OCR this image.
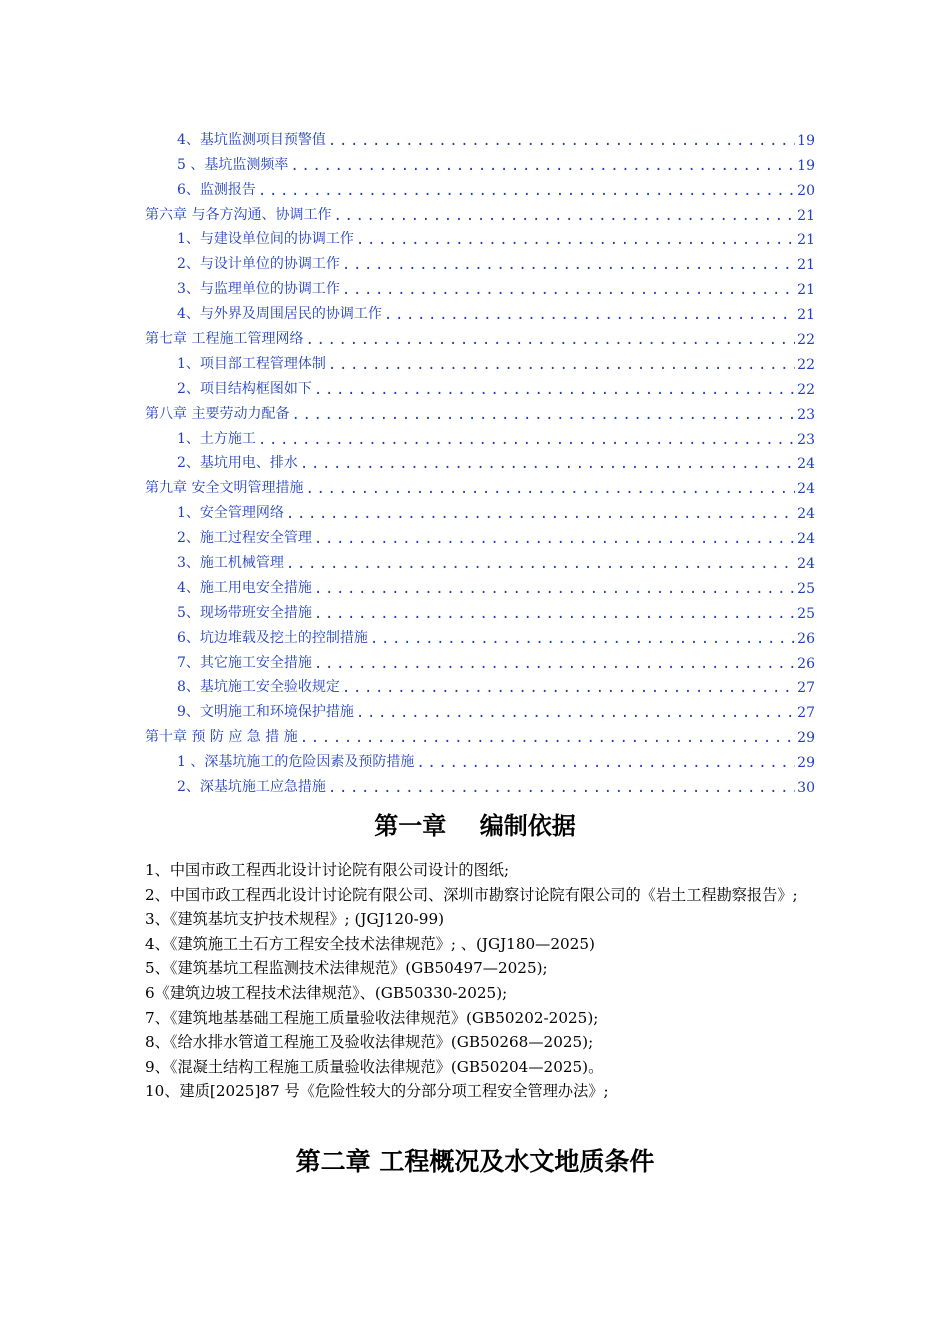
4、基坑监测项目预警值 .....	19
5 、基坑监测频率 .....	19
6、监测报告 .....	20
第六章 与各方沟通、协调工作 .....	21
1、与建设单位间的协调工作 .....	21
2、与设计单位的协调工作 .....	21
3、与监理单位的协调工作 .....	21
4、与外界及周围居民的协调工作 .....	21
第七章 工程施工管理网络 .....	22
1、项目部工程管理体制 .....	22
2、项目结构框图如下 .....	22
第八章 主要劳动力配备 .....	23
1、土方施工 .....	23
2、基坑用电、排水 .....	24
第九章 安全文明管理措施 .....	24
1、安全管理网络 .....	24
2、施工过程安全管理 .....	24
3、施工机械管理 .....	24
4、施工用电安全措施 .....	25
5、现场带班安全措施 .....	25
6、坑边堆载及挖土的控制措施 .....	26
7、其它施工安全措施 .....	26
8、基坑施工安全验收规定 .....	27
9、文明施工和环境保护措施 .....	27
第十章 预 防 应 急 措 施 .....	29
1 、深基坑施工的危险因素及预防措施 .....	29
2、深基坑施工应急措施 .....	30
第一章    编制依据
1、中国市政工程西北设计讨论院有限公司设计的图纸;
2、中国市政工程西北设计讨论院有限公司、深圳市勘察讨论院有限公司的《岩土工程勘察报告》;
3、《建筑基坑支护技术规程》; (JGJ120-99)
4、《建筑施工土石方工程安全技术法律规范》; 、(JGJ180—2025)
5、《建筑基坑工程监测技术法律规范》(GB50497—2025);
6《建筑边坡工程技术法律规范》、(GB50330-2025);
7、《建筑地基基础工程施工质量验收法律规范》(GB50202-2025);
8、《给水排水管道工程施工及验收法律规范》(GB50268—2025);
9、《混凝土结构工程施工质量验收法律规范》(GB50204—2025)。
10、建质[2025]87 号《危险性较大的分部分项工程安全管理办法》;
第二章 工程概况及水文地质条件
